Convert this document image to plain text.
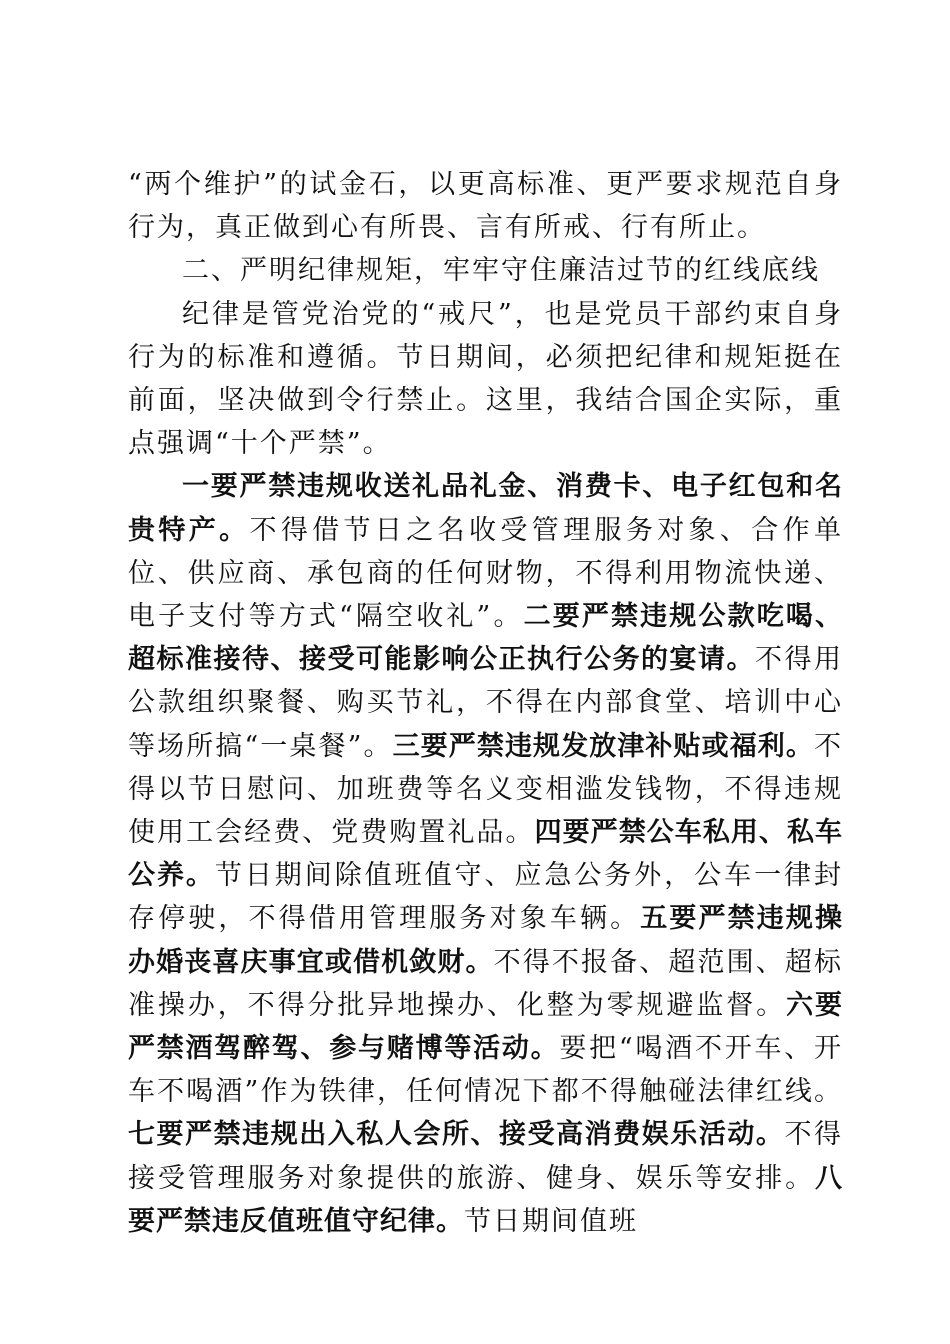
“两个维护”的试金石，以更高标准、更严要求规范自身行为，真正做到心有所畏、言有所戒、行有所止。

二、严明纪律规矩，牢牢守住廉洁过节的红线底线

纪律是管党治党的“戒尺”，也是党员干部约束自身行为的标准和遵循。节日期间，必须把纪律和规矩挺在前面，坚决做到令行禁止。这里，我结合国企实际，重点强调“十个严禁”。

一要严禁违规收送礼品礼金、消费卡、电子红包和名贵特产。不得借节日之名收受管理服务对象、合作单位、供应商、承包商的任何财物，不得利用物流快递、电子支付等方式“隔空收礼”。二要严禁违规公款吃喝、超标准接待、接受可能影响公正执行公务的宴请。不得用公款组织聚餐、购买节礼，不得在内部食堂、培训中心等场所搞“一桌餐”。三要严禁违规发放津补贴或福利。不得以节日慰问、加班费等名义变相滥发钱物，不得违规使用工会经费、党费购置礼品。四要严禁公车私用、私车公养。节日期间除值班值守、应急公务外，公车一律封存停驶，不得借用管理服务对象车辆。五要严禁违规操办婚丧喜庆事宜或借机敛财。不得不报备、超范围、超标准操办，不得分批异地操办、化整为零规避监督。六要严禁酒驾醉驾、参与赌博等活动。要把“喝酒不开车、开车不喝酒”作为铁律，任何情况下都不得触碰法律红线。七要严禁违规出入私人会所、接受高消费娱乐活动。不得接受管理服务对象提供的旅游、健身、娱乐等安排。八要严禁违反值班值守纪律。节日期间值班
